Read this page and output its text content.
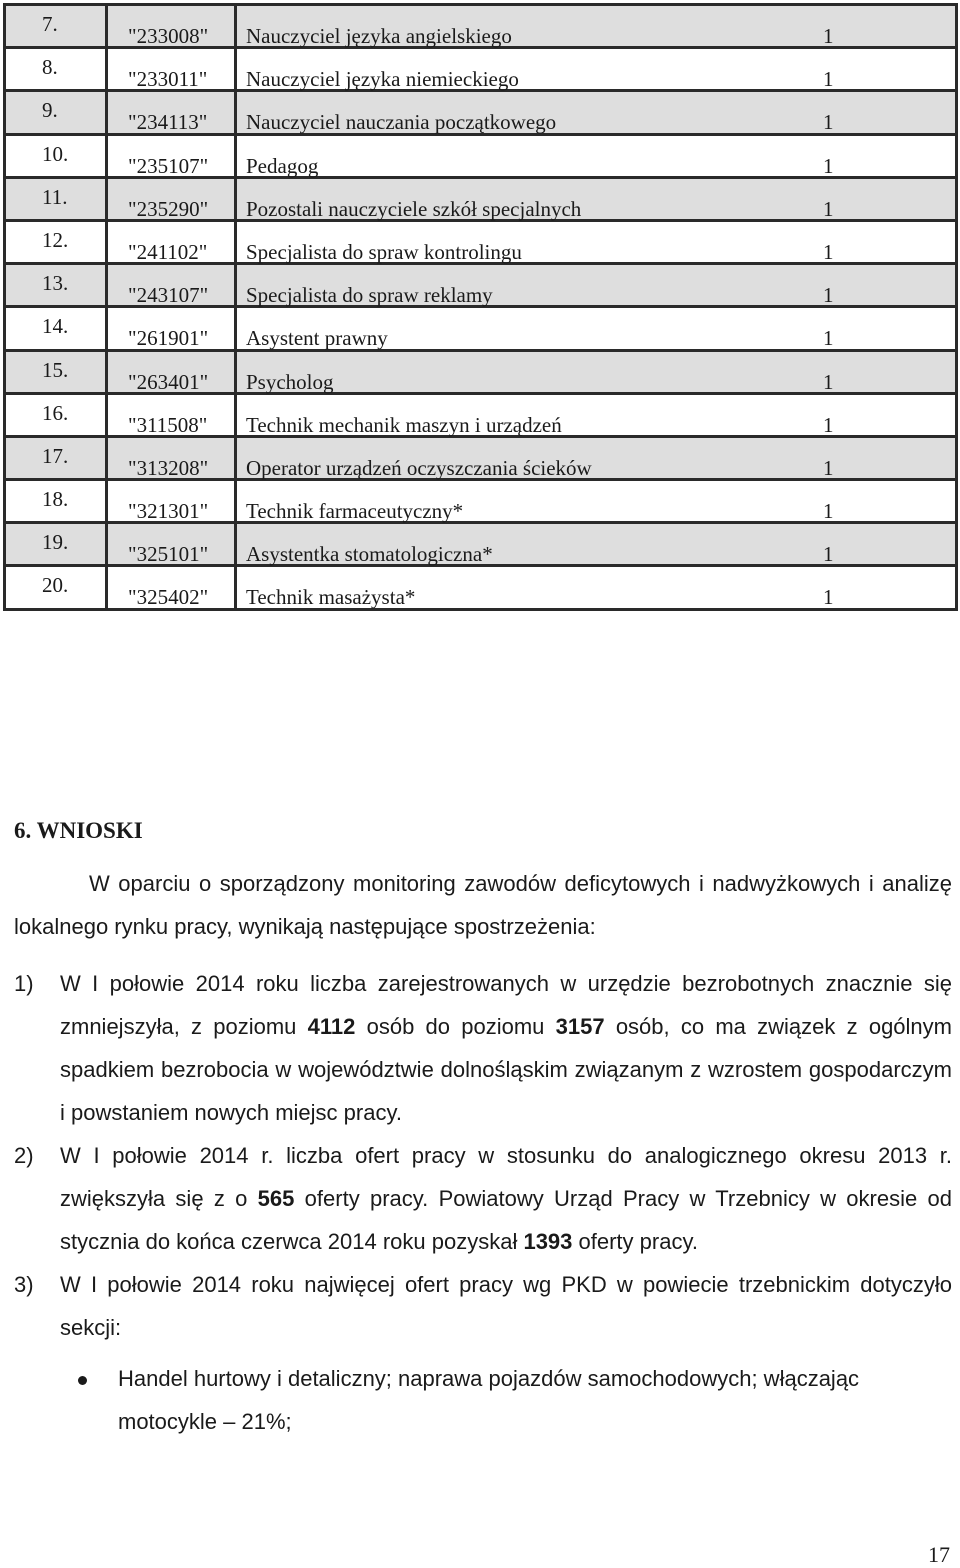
7.	"233008" Nauczyciel języka angielskiego 1

8.	"233011" Nauczyciel języka niemieckiego 1

9.	"234113" Nauczyciel nauczania początkowego 1

10.	"235107" Pedagog 1

11.	"235290" Pozostali nauczyciele szkół specjalnych 1

12.	"241102" Specjalista do spraw kontrolingu 1

13.	"243107" Specjalista do spraw reklamy 1

14.	"261901" Asystent prawny 1

15.	"263401" Psycholog 1

16.	"311508" Technik mechanik maszyn i urządzeń 1

17.	"313208" Operator urządzeń oczyszczania ścieków 1

18.	"321301" Technik farmaceutyczny* 1

19.	"325101" Asystentka stomatologiczna* 1

20.	"325402" Technik masażysta* 1
6. WNIOSKI
W oparciu o sporządzony monitoring zawodów deficytowych i nadwyżkowych i analizę lokalnego rynku pracy, wynikają następujące spostrzeżenia:
1) W I połowie 2014 roku liczba zarejestrowanych w urzędzie bezrobotnych znacznie się zmniejszyła, z poziomu 4112 osób do poziomu 3157 osób, co ma związek z ogólnym spadkiem bezrobocia w województwie dolnośląskim związanym z wzrostem gospodarczym i powstaniem nowych miejsc pracy.
2) W I połowie 2014 r. liczba ofert pracy w stosunku do analogicznego okresu 2013 r. zwiększyła się z o 565 oferty pracy. Powiatowy Urząd Pracy w Trzebnicy w okresie od stycznia do końca czerwca 2014 roku pozyskał 1393 oferty pracy.
3) W I połowie 2014 roku najwięcej ofert pracy wg PKD w powiecie trzebnickim dotyczyło sekcji:
Handel hurtowy i detaliczny; naprawa pojazdów samochodowych; włączając motocykle – 21%;
17
